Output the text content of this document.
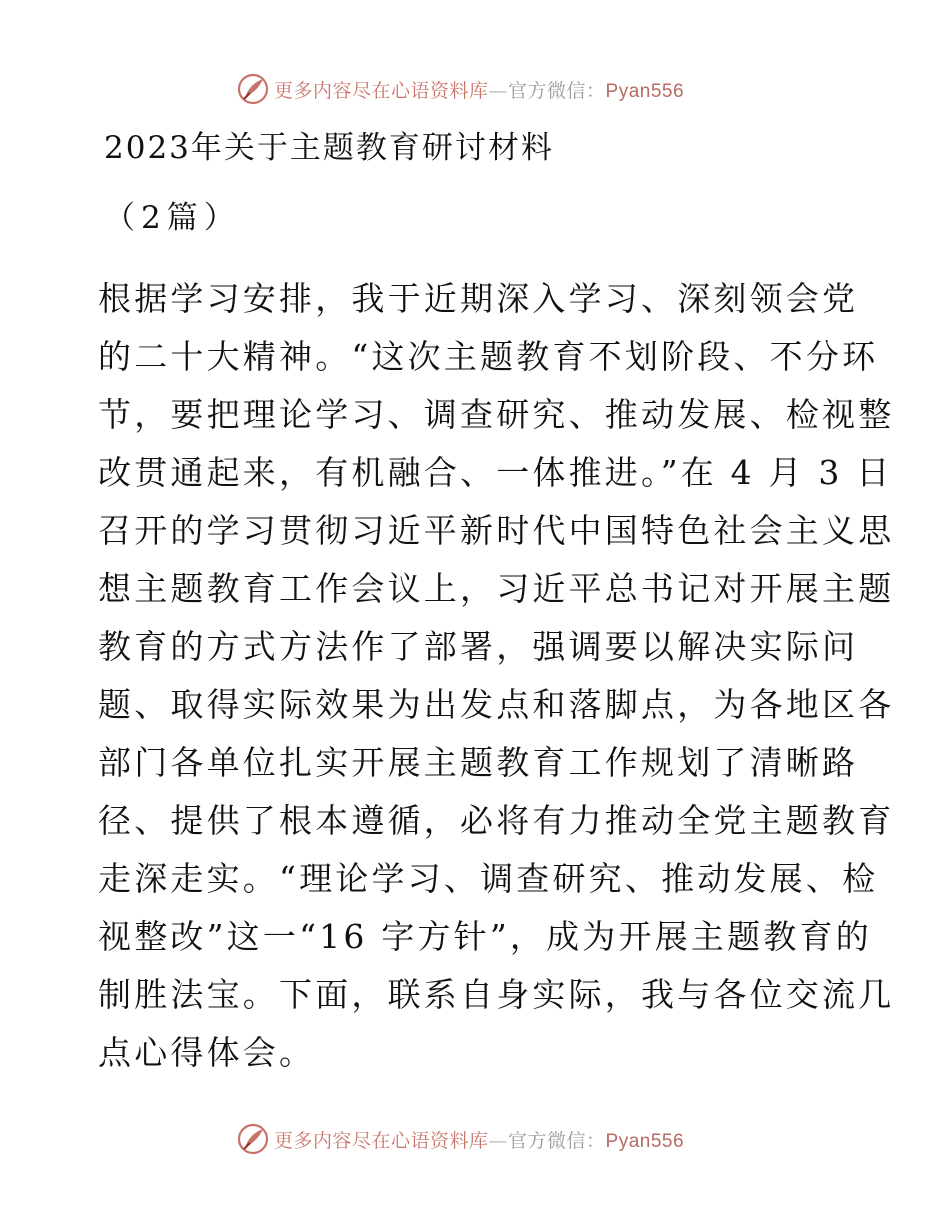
更多内容尽在心语资料库—官方微信：Pyan556
2023年关于主题教育研讨材料
（2篇）
根据学习安排，我于近期深入学习、深刻领会党
的二十大精神。“这次主题教育不划阶段、不分环
节，要把理论学习、调查研究、推动发展、检视整
改贯通起来，有机融合、一体推进。”在 4 月 3 日
召开的学习贯彻习近平新时代中国特色社会主义思
想主题教育工作会议上，习近平总书记对开展主题
教育的方式方法作了部署，强调要以解决实际问
题、取得实际效果为出发点和落脚点，为各地区各
部门各单位扎实开展主题教育工作规划了清晰路
径、提供了根本遵循，必将有力推动全党主题教育
走深走实。“理论学习、调查研究、推动发展、检
视整改”这一“16 字方针”，成为开展主题教育的
制胜法宝。下面，联系自身实际，我与各位交流几
点心得体会。
更多内容尽在心语资料库—官方微信：Pyan556
